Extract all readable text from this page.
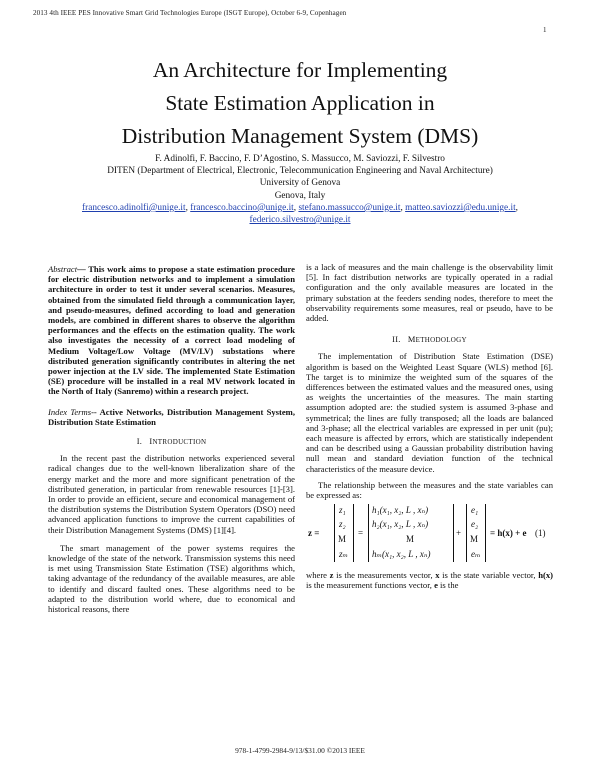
2013 4th IEEE PES Innovative Smart Grid Technologies Europe (ISGT Europe), October 6-9, Copenhagen
1
An Architecture for Implementing
State Estimation Application in
Distribution Management System (DMS)
F. Adinolfi, F. Baccino, F. D’Agostino, S. Massucco, M. Saviozzi, F. Silvestro
DITEN (Department of Electrical, Electronic, Telecommunication Engineering and Naval Architecture)
University of Genova
Genova, Italy
francesco.adinolfi@unige.it, francesco.baccino@unige.it, stefano.massucco@unige.it, matteo.saviozzi@edu.unige.it,
federico.silvestro@unige.it

Abstract— This work aims to propose a state estimation procedure for electric distribution networks and to implement a simulation architecture in order to test it under several scenarios. Measures, obtained from the simulated field through a communication layer, and pseudo-measures, defined according to load and generation models, are combined in different shares to observe the algorithm performances and the effects on the estimation quality. The work also investigates the necessity of a correct load modeling of Medium Voltage/Low Voltage (MV/LV) substations where distributed generation significantly contributes in altering the net power injection at the LV side. The implemented State Estimation (SE) procedure will be installed in a real MV network located in the North of Italy (Sanremo) within a research project.

Index Terms-- Active Networks, Distribution Management System, Distribution State Estimation

I. INTRODUCTION

In the recent past the distribution networks experienced several radical changes due to the well-known liberalization share of the energy market and the more and more significant penetration of the distributed generation, in particular from renewable resources [1]-[3]. In order to provide an efficient, secure and economical management of the distribution systems the Distribution System Operators (DSO) need advanced application functions to improve the current capabilities of their Distribution Management Systems (DMS) [1][4].

The smart management of the power systems requires the knowledge of the state of the network. Transmission systems this need is met using Transmission State Estimation (TSE) algorithms which, taking advantage of the redundancy of the available measures, are able to identify and discard faulted ones. These algorithms need to be adapted to the distribution world where, due to economical and historical reasons, there

is a lack of measures and the main challenge is the observability limit [5]. In fact distribution networks are typically operated in a radial configuration and the only available measures are located in the primary substation at the feeders sending nodes, therefore to meet the observability requirements some measures, real or pseudo, have to be added.

II. METHODOLOGY

The implementation of Distribution State Estimation (DSE) algorithm is based on the Weighted Least Square (WLS) method [6]. The target is to minimize the weighted sum of the squares of the differences between the estimated values and the measured ones, using as weights the uncertainties of the measures. The main starting assumption adopted are: the studied system is assumed 3-phase and symmetrical; the lines are fully transposed; all the loads are balanced and 3-phase; all the electrical variables are expressed in per unit (pu); each measure is affected by errors, which are statistically independent and can be described using a Gaussian probability distribution having null mean and standard deviation function of the technical characteristics of the measure device.

The relationship between the measures and the state variables can be expressed as:

z =
z₁
z₂
M
zₘ
=
h₁(x₁, x₂, L , xₙ)
h₂(x₁, x₂, L , xₙ)
M
hₘ(x₁, x₂, L , xₙ)
+
e₁
e₂
M
eₘ
= h(x) + e (1)

where z is the measurements vector, x is the state variable vector, h(x) is the measurement functions vector, e is the

978-1-4799-2984-9/13/$31.00 ©2013 IEEE
